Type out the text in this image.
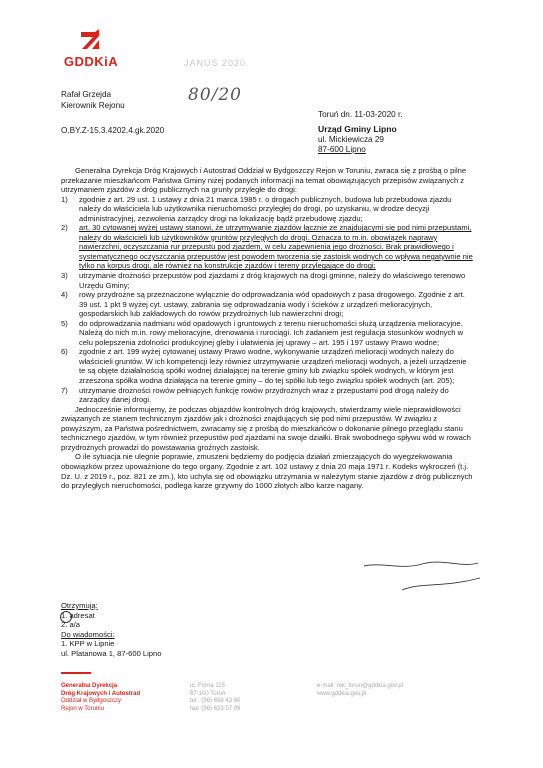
GDDKiA	JANUS 2020
80/20
Rafał Grzejda
Kierownik Rejonu
Toruń dn. 11-03-2020 r.
O.BY.Z-15.3.4202.4.gk.2020	Urząd Gminy Lipno
ul. Mickiewicza 29
87-600 Lipno

Generalna Dyrekcja Dróg Krajowych i Autostrad Oddział w Bydgoszczy Rejon w Toruniu, zwraca się z prośbą o pilne przekazanie mieszkańcom Państwa Gminy niżej podanych informacji na temat obowiązujących przepisów związanych z utrzymaniem zjazdów z dróg publicznych na grunty przyległe do drogi:

1) zgodnie z art. 29 ust. 1 ustawy z dnia 21 marca 1985 r. o drogach publicznych, budowa lub przebudowa zjazdu należy do właściciela lub użytkownika nieruchomości przyległej do drogi, po uzyskaniu, w drodze decyzji administracyjnej, zezwolenia zarządcy drogi na lokalizację bądź przebudowę zjazdu;
2) art. 30 cytowanej wyżej ustawy stanowi, że utrzymywanie zjazdów łącznie ze znajdującymi się pod nimi przepustami, należy do właścicieli lub użytkowników gruntów przyległych do drogi. Oznacza to m.in. obowiązek naprawy nawierzchni, oczyszczania rur przepustu pod zjazdem, w celu zapewnienia jego drożności. Brak prawidłowego i systematycznego oczyszczania przepustów jest powodem tworzenia się zastoisk wodnych co wpływa negatywnie nie tylko na korpus drogi, ale również na konstrukcje zjazdów i tereny przylegające do drogi;
3) utrzymanie drożności przepustów pod zjazdami z dróg krajowych na drogi gminne, należy do właściwego terenowo Urzędu Gminy;
4) rowy przydrożne są przeznaczone wyłącznie do odprowadzania wód opadowych z pasa drogowego. Zgodnie z art. 39 ust. 1 pkt 9 wyżej cyt. ustawy, zabrania się odprowadzania wody i ścieków z urządzeń melioracyjnych, gospodarskich lub zakładowych do rowów przydrożnych lub nawierzchni drogi;
5) do odprowadzania nadmiaru wód opadowych i gruntowych z terenu nieruchomości służą urządzenia melioracyjne. Należą do nich m.in. rowy melioracyjne, drenowania i rurociągi. Ich zadaniem jest regulacja stosunków wodnych w celu polepszenia zdolności produkcyjnej gleby i ułatwienia jej uprawy – art. 195 i 197 ustawy Prawo wodne;
6) zgodnie z art. 199 wyżej cytowanej ustawy Prawo wodne, wykonywanie urządzeń melioracji wodnych należy do właścicieli gruntów. W ich kompetencji leży również utrzymywanie urządzeń melioracji wodnych, a jeżeli urządzenie te są objęte działalnością spółki wodnej działającej na terenie gminy lub związku spółek wodnych, w którym jest zrzeszona spółka wodna działająca na terenie gminy – do tej spółki lub tego związku spółek wodnych (art. 205);
7) utrzymanie drożności rowów pełniących funkcję rowów przydrożnych wraz z przepustami pod drogą należy do zarządcy danej drogi.

Jednocześnie informujemy, że podczas objazdów kontrolnych dróg krajowych, stwierdzamy wiele nieprawidłowości związanych ze stanem technicznym zjazdów jak i drożności znajdujących się pod nimi przepustów. W związku z powyższym, za Państwa pośrednictwem, zwracamy się z prośbą do mieszkańców o dokonanie pilnego przeglądu stanu technicznego zjazdów, w tym również przepustów pod zjazdami na swoje działki. Brak swobodnego spływu wód w rowach przydrożnych prowadzi do powstawania groźnych zastoisk.

O ile sytuacja nie ulegnie poprawie, zmuszeni będziemy do podjęcia działań zmierzających do wyegzekwowania obowiązków przez upoważnione do tego organy. Zgodnie z art. 102 ustawy z dnia 20 maja 1971 r. Kodeks wykroczeń (t.j. Dz. U. z 2019 r., poz. 821 ze zm.), kto uchyla się od obowiązku utrzymania w należytym stanie zjazdów z dróg publicznych do przyległych nieruchomości, podlega karze grzywny do 1000 złotych albo karze nagany.

Otrzymują:
1. adresat
2. a/a
Do wiadomości:
1. KPP w Lipnie
ul. Platanowa 1, 87-600 Lipno
Generalna Dyrekcja
Dróg Krajowych i Autostrad
Oddział w Bydgoszczy
Rejon w Toruniu
ul. Forna 115
87-100 Toruń
tel.: (56) 658 43 60
fax: (56) 623 07 09
e-mail: rek_torun@gddkia.gov.pl
www.gddkia.gov.pl
